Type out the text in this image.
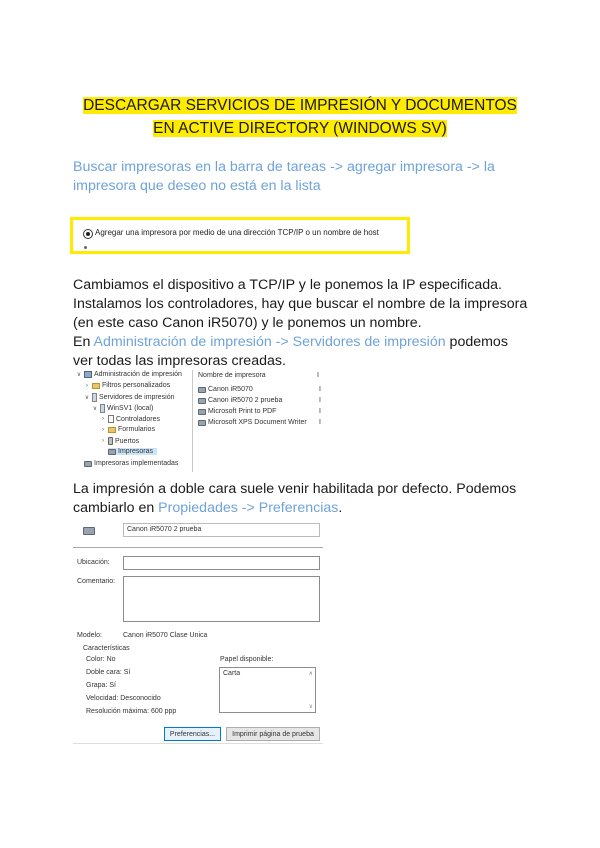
DESCARGAR SERVICIOS DE IMPRESIÓN Y DOCUMENTOS
EN ACTIVE DIRECTORY (WINDOWS SV)
Buscar impresoras en la barra de tareas -> agregar impresora -> la
impresora que deseo no está en la lista
Agregar una impresora por medio de una dirección TCP/IP o un nombre de host
Cambiamos el dispositivo a TCP/IP y le ponemos la IP especificada.
Instalamos los controladores, hay que buscar el nombre de la impresora
(en este caso Canon iR5070) y le ponemos un nombre.
En Administración de impresión -> Servidores de impresión podemos
ver todas las impresoras creadas.
∨ Administración de impresión
› Filtros personalizados
∨ Servidores de impresión
∨ WinSV1 (local)
› Controladores
› Formularios
› Puertos
Impresoras
Impresoras implementadas
Nombre de impresora	I
Canon iR5070	I
Canon iR5070 2 prueba	I
Microsoft Print to PDF	I
Microsoft XPS Document Writer I
La impresión a doble cara suele venir habilitada por defecto. Podemos
cambiarlo en Propiedades -> Preferencias.
Canon iR5070 2 prueba
Ubicación:
Comentario:
Modelo:	Canon iR5070 Clase Unica
Características
Color: No
Doble cara: Sí
Grapa: Sí
Velocidad: Desconocido
Resolución máxima: 600 ppp
Papel disponible:
Carta	∧
∨
Preferencias...	Imprimir página de prueba
